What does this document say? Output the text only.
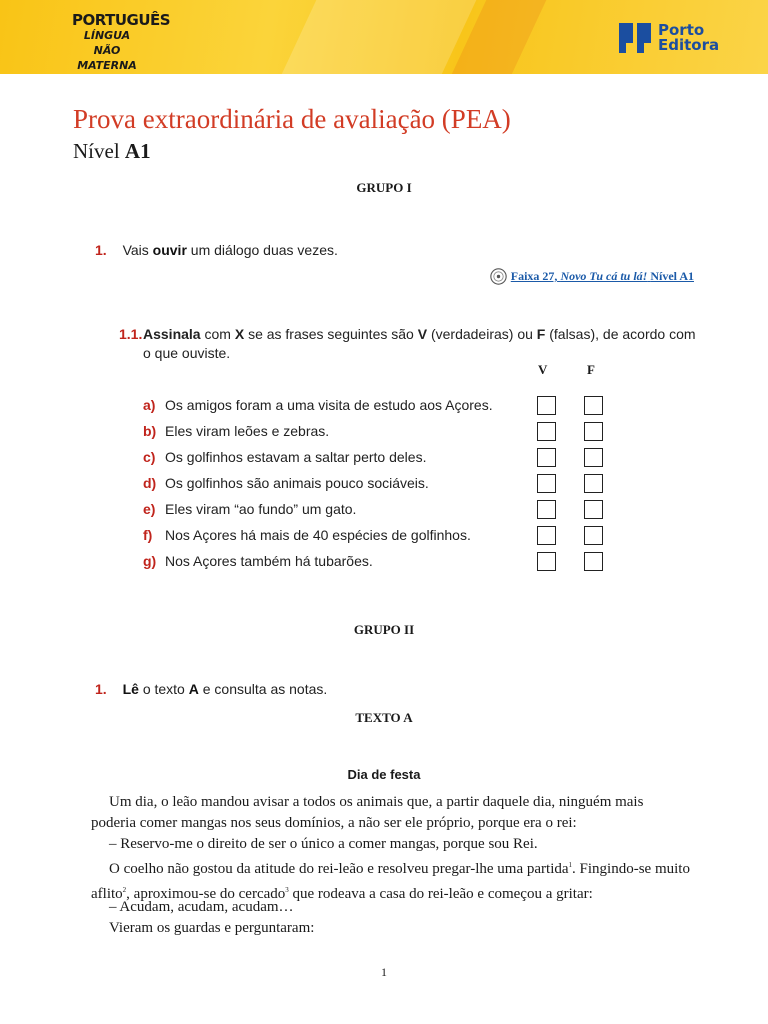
PORTUGUÊS
LÍNGUA NÃO
MATERNA
Porto
Editora
Prova extraordinária de avaliação (PEA)
Nível A1
GRUPO I
1. Vais ouvir um diálogo duas vezes.
Faixa 27, Novo Tu cá tu lá! Nível A1
1.1. Assinala com X se as frases seguintes são V (verdadeiras) ou F (falsas), de acordo com o que ouviste.
V	F
a) Os amigos foram a uma visita de estudo aos Açores.
b) Eles viram leões e zebras.
c) Os golfinhos estavam a saltar perto deles.
d) Os golfinhos são animais pouco sociáveis.
e) Eles viram “ao fundo” um gato.
f) Nos Açores há mais de 40 espécies de golfinhos.
g) Nos Açores também há tubarões.
GRUPO II
1. Lê o texto A e consulta as notas.
TEXTO A
Dia de festa
Um dia, o leão mandou avisar a todos os animais que, a partir daquele dia, ninguém mais poderia comer mangas nos seus domínios, a não ser ele próprio, porque era o rei:
– Reservo-me o direito de ser o único a comer mangas, porque sou Rei.
O coelho não gostou da atitude do rei-leão e resolveu pregar-lhe uma partida$^1$. Fingindo-se muito aflito$^2$, aproximou-se do cercado$^3$ que rodeava a casa do rei-leão e começou a gritar:
– Acudam, acudam, acudam…
Vieram os guardas e perguntaram:
1
